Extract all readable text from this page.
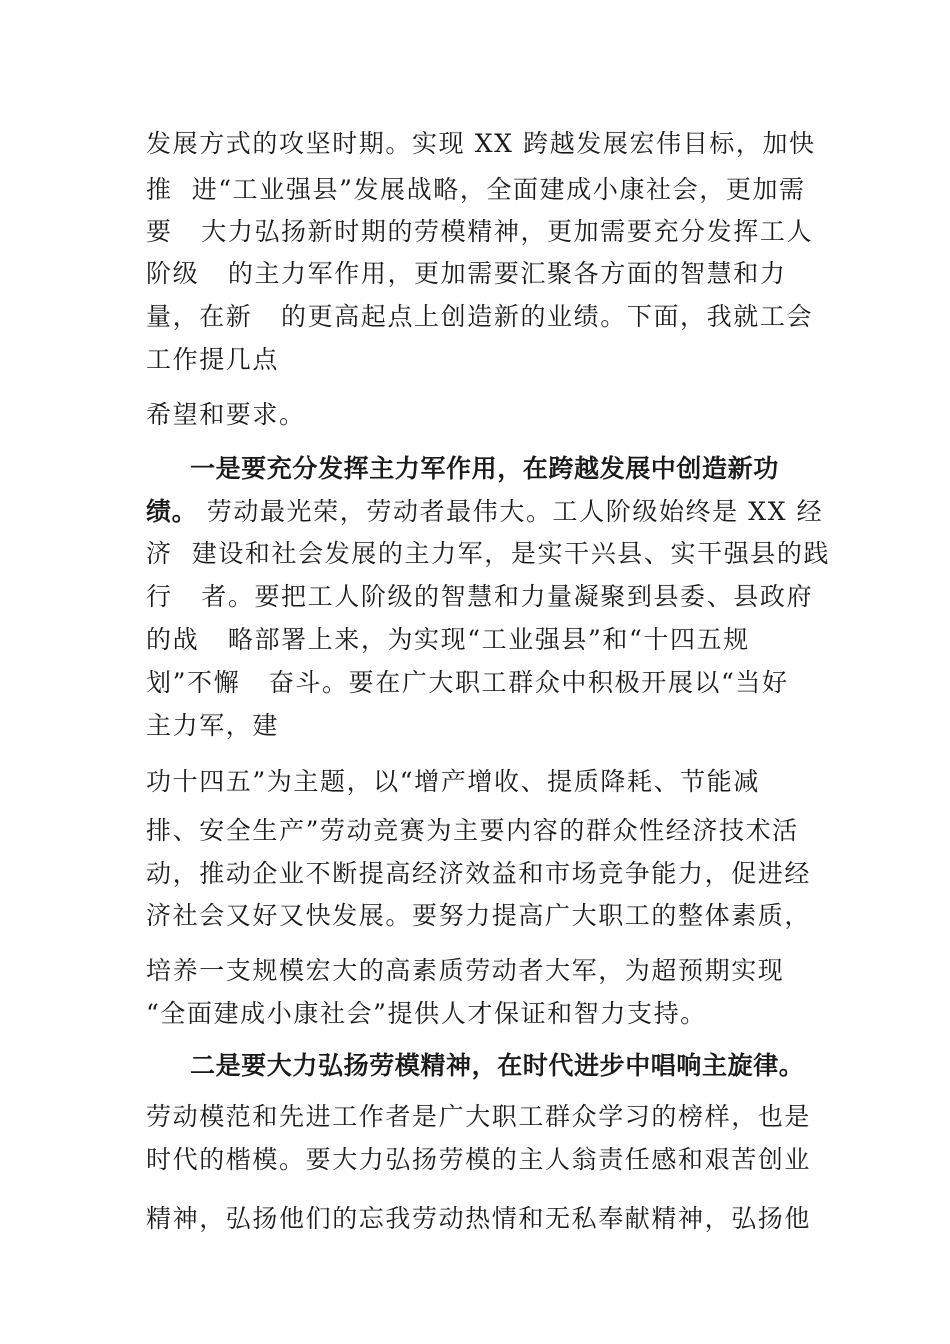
发展方式的攻坚时期。实现 XX 跨越发展宏伟目标，加快
推  进“工业强县”发展战略，全面建成小康社会，更加需
要   大力弘扬新时期的劳模精神，更加需要充分发挥工人
阶级   的主力军作用，更加需要汇聚各方面的智慧和力
量，在新   的更高起点上创造新的业绩。下面，我就工会
工作提几点
希望和要求。
一是要充分发挥主力军作用，在跨越发展中创造新功
绩。 劳动最光荣，劳动者最伟大。工人阶级始终是 XX 经
济  建设和社会发展的主力军，是实干兴县、实干强县的践
行   者。要把工人阶级的智慧和力量凝聚到县委、县政府
的战   略部署上来，为实现“工业强县”和“十四五规
划”不懈   奋斗。要在广大职工群众中积极开展以“当好
主力军，建
功十四五”为主题，以“增产增收、提质降耗、节能减
排、安全生产”劳动竞赛为主要内容的群众性经济技术活
动，推动企业不断提高经济效益和市场竞争能力，促进经
济社会又好又快发展。要努力提高广大职工的整体素质，
培养一支规模宏大的高素质劳动者大军，为超预期实现
“全面建成小康社会”提供人才保证和智力支持。
二是要大力弘扬劳模精神，在时代进步中唱响主旋律。
劳动模范和先进工作者是广大职工群众学习的榜样，也是
时代的楷模。要大力弘扬劳模的主人翁责任感和艰苦创业
精神，弘扬他们的忘我劳动热情和无私奉献精神，弘扬他
